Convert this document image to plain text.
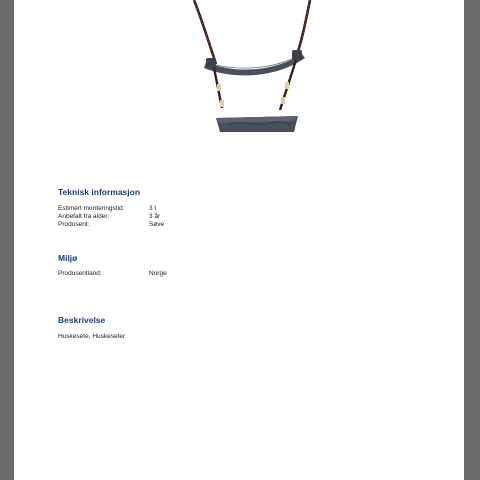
Teknisk informasjon
Estimert monteringstid:	3 t
Anbefalt fra alder:	3 år
Produsent:	Søve
Miljø
Produsentland:	Norge
Beskrivelse
Huskesete, Huskeseter
